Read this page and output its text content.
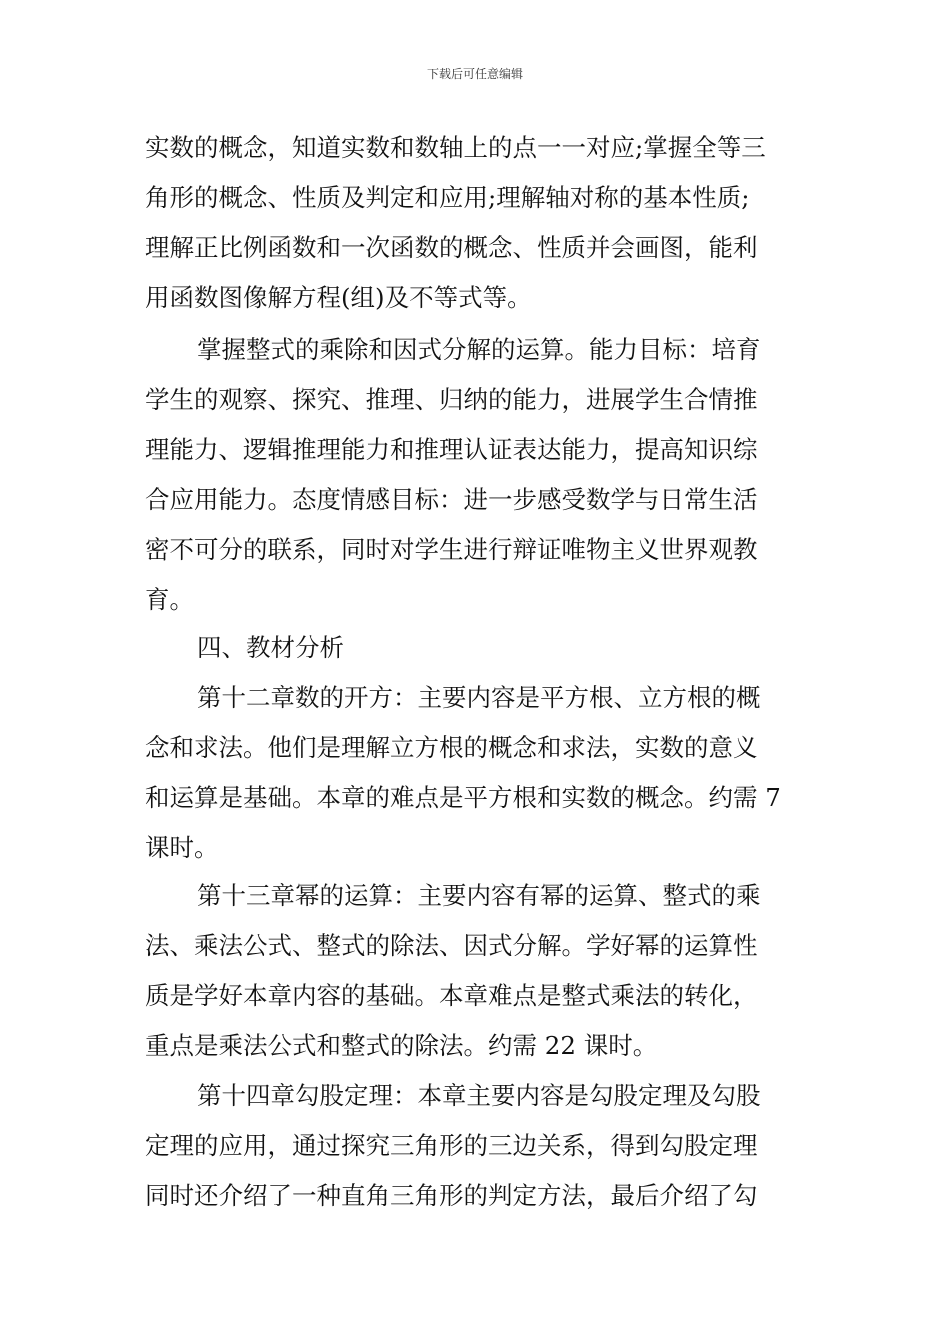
下载后可任意编辑
实数的概念，知道实数和数轴上的点一一对应;掌握全等三
角形的概念、性质及判定和应用;理解轴对称的基本性质;
理解正比例函数和一次函数的概念、性质并会画图，能利
用函数图像解方程(组)及不等式等。
掌握整式的乘除和因式分解的运算。能力目标：培育
学生的观察、探究、推理、归纳的能力，进展学生合情推
理能力、逻辑推理能力和推理认证表达能力，提高知识综
合应用能力。态度情感目标：进一步感受数学与日常生活
密不可分的联系，同时对学生进行辩证唯物主义世界观教
育。
四、教材分析
第十二章数的开方：主要内容是平方根、立方根的概
念和求法。他们是理解立方根的概念和求法，实数的意义
和运算是基础。本章的难点是平方根和实数的概念。约需 7
课时。
第十三章幂的运算：主要内容有幂的运算、整式的乘
法、乘法公式、整式的除法、因式分解。学好幂的运算性
质是学好本章内容的基础。本章难点是整式乘法的转化，
重点是乘法公式和整式的除法。约需 22 课时。
第十四章勾股定理：本章主要内容是勾股定理及勾股
定理的应用，通过探究三角形的三边关系，得到勾股定理
同时还介绍了一种直角三角形的判定方法，最后介绍了勾
